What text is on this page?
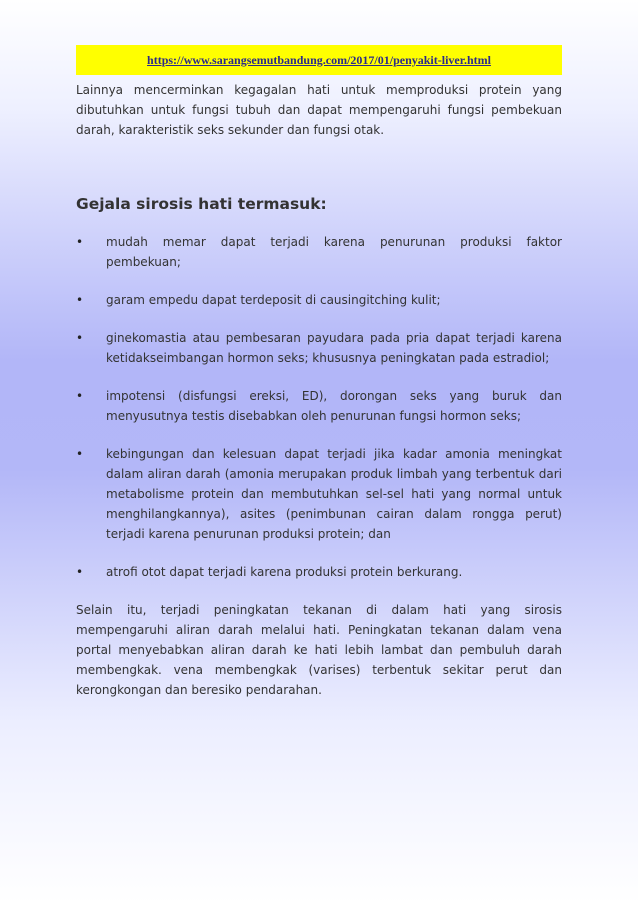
https://www.sarangsemutbandung.com/2017/01/penyakit-liver.html

Lainnya mencerminkan kegagalan hati untuk memproduksi protein yang dibutuhkan untuk fungsi tubuh dan dapat mempengaruhi fungsi pembekuan darah, karakteristik seks sekunder dan fungsi otak.

Gejala sirosis hati termasuk:
•	mudah memar dapat terjadi karena penurunan produksi faktor pembekuan;
•	garam empedu dapat terdeposit di causingitching kulit;
•	ginekomastia atau pembesaran payudara pada pria dapat terjadi karena ketidakseimbangan hormon seks; khususnya peningkatan pada estradiol;
•	impotensi (disfungsi ereksi, ED), dorongan seks yang buruk dan menyusutnya testis disebabkan oleh penurunan fungsi hormon seks;
•	kebingungan dan kelesuan dapat terjadi jika kadar amonia meningkat dalam aliran darah (amonia merupakan produk limbah yang terbentuk dari metabolisme protein dan membutuhkan sel-sel hati yang normal untuk menghilangkannya), asites (penimbunan cairan dalam rongga perut) terjadi karena penurunan produksi protein; dan
•	atrofi otot dapat terjadi karena produksi protein berkurang.

Selain itu, terjadi peningkatan tekanan di dalam hati yang sirosis mempengaruhi aliran darah melalui hati. Peningkatan tekanan dalam vena portal menyebabkan aliran darah ke hati lebih lambat dan pembuluh darah membengkak. vena membengkak (varises) terbentuk sekitar perut dan kerongkongan dan beresiko pendarahan.
